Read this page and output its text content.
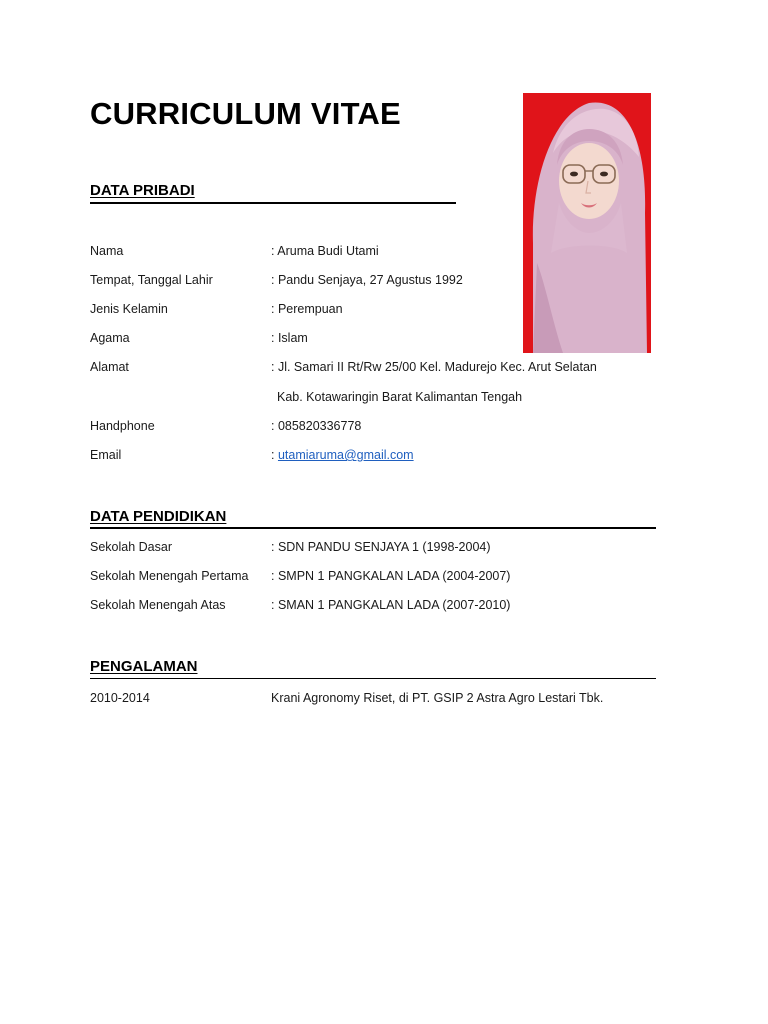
CURRICULUM VITAE
DATA PRIBADI
Nama	: Aruma Budi Utami
Tempat, Tanggal Lahir	: Pandu Senjaya, 27 Agustus 1992
Jenis Kelamin	: Perempuan
Agama	: Islam
Alamat	: Jl. Samari II Rt/Rw 25/00 Kel. Madurejo Kec. Arut Selatan
Kab. Kotawaringin Barat Kalimantan Tengah
Handphone	: 085820336778
Email	: utamiaruma@gmail.com
DATA PENDIDIKAN
Sekolah Dasar	: SDN PANDU SENJAYA 1 (1998-2004)
Sekolah Menengah Pertama : SMPN 1 PANGKALAN LADA (2004-2007)
Sekolah Menengah Atas	: SMAN 1 PANGKALAN LADA (2007-2010)
PENGALAMAN
2010-2014	Krani Agronomy Riset, di PT. GSIP 2 Astra Agro Lestari Tbk.
